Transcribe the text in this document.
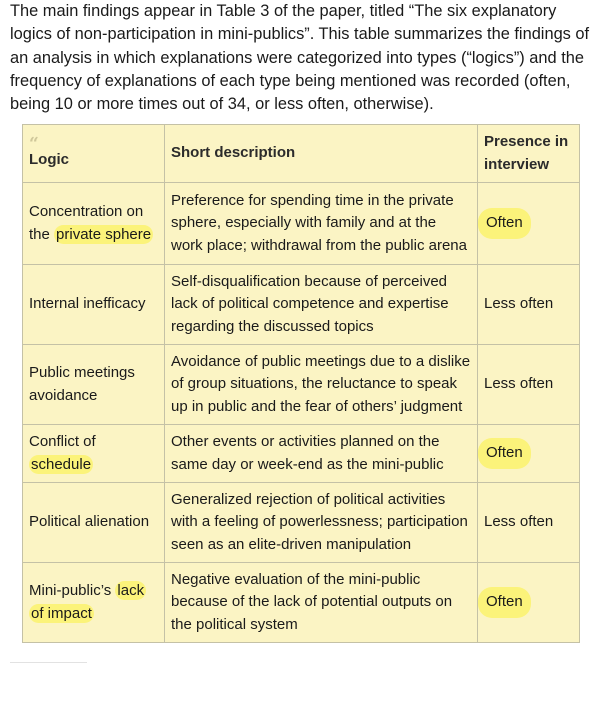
The main findings appear in Table 3 of the paper, titled “The six explanatory logics of non-participation in mini-publics”. This table summarizes the findings of an analysis in which explanations were categorized into types (“logics”) and the frequency of explanations of each type being mentioned was recorded (often, being 10 or more times out of 34, or less often, otherwise).

“
Logic	Short description	Presence in interview
Concentration on the private sphere	Preference for spending time in the private sphere, especially with family and at the work place; withdrawal from the public arena	Often
Internal inefficacy	Self-disqualification because of perceived lack of political competence and expertise regarding the discussed topics	Less often
Public meetings avoidance	Avoidance of public meetings due to a dislike of group situations, the reluctance to speak up in public and the fear of others’ judgment	Less often
Conflict of schedule	Other events or activities planned on the same day or week-end as the mini-public	Often
Political alienation	Generalized rejection of political activities with a feeling of powerlessness; participation seen as an elite-driven manipulation	Less often
Mini-public’s lack of impact	Negative evaluation of the mini-public because of the lack of potential outputs on the political system	Often
